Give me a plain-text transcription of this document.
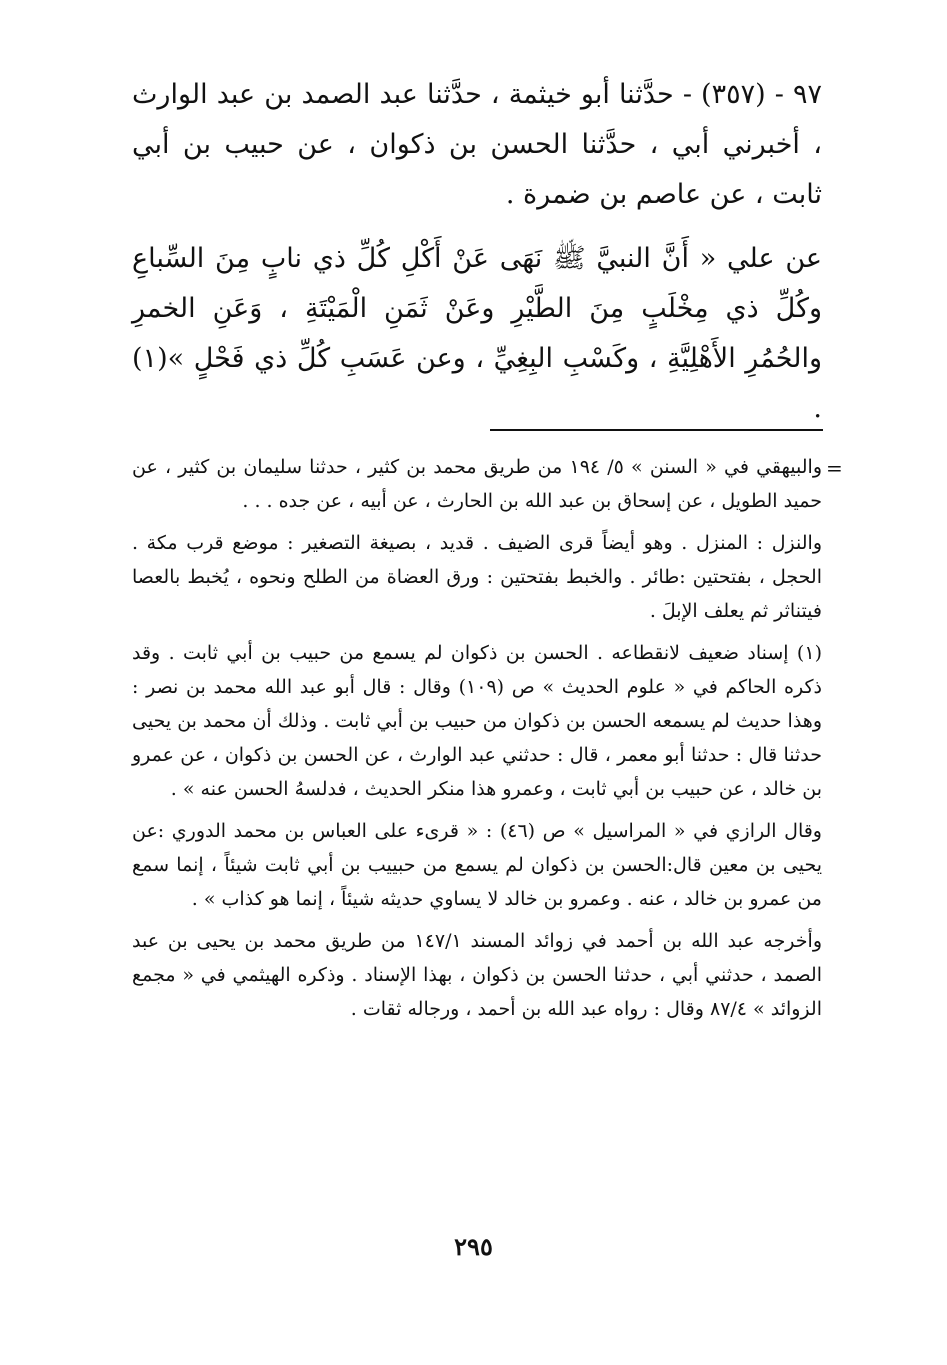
٩٧ - (٣٥٧) - حدَّثنا أبو خيثمة ، حدَّثنا عبد الصمد بن عبد الوارث ، أخبرني أبي ، حدَّثنا الحسن بن ذكوان ، عن حبيب بن أبي ثابت ، عن عاصم بن ضمرة .

عن علي « أَنَّ النبيَّ ﷺ نَهَى عَنْ أَكْلِ كُلِّ ذي نابٍ مِنَ السِّباعِ وكُلِّ ذي مِخْلَبٍ مِنَ الطَّيْرِ وعَنْ ثَمَنِ الْمَيْتَةِ ، وَعَنِ الخمرِ والحُمُرِ الأَهْلِيَّةِ ، وكَسْبِ البِغِيِّ ، وعن عَسَبِ كُلِّ ذي فَحْلٍ »(١) .

=

والبيهقي في « السنن » ٥/ ١٩٤ من طريق محمد بن كثير ، حدثنا سليمان بن كثير ، عن حميد الطويل ، عن إسحاق بن عبد الله بن الحارث ، عن أبيه ، عن جده . . .

والنزل : المنزل . وهو أيضاً قرى الضيف . قديد ، بصيغة التصغير : موضع قرب مكة . الحجل ، بفتحتين :طائر . والخبط بفتحتين : ورق العضاة من الطلح ونحوه ، يُخبط بالعصا فيتناثر ثم يعلف الإبلَ .

(١) إسناد ضعيف لانقطاعه . الحسن بن ذكوان لم يسمع من حبيب بن أبي ثابت . وقد ذكره الحاكم في « علوم الحديث » ص (١٠٩) وقال : قال أبو عبد الله محمد بن نصر : وهذا حديث لم يسمعه الحسن بن ذكوان من حبيب بن أبي ثابت . وذلك أن محمد بن يحيى حدثنا قال : حدثنا أبو معمر ، قال : حدثني عبد الوارث ، عن الحسن بن ذكوان ، عن عمرو بن خالد ، عن حبيب بن أبي ثابت ، وعمرو هذا منكر الحديث ، فدلسهُ الحسن عنه » .

وقال الرازي في « المراسيل » ص (٤٦) : « قرىء على العباس بن محمد الدوري :عن يحيى بن معين قال:الحسن بن ذكوان لم يسمع من حبييب بن أبي ثابت شيئاً ، إنما سمع من عمرو بن خالد ، عنه . وعمرو بن خالد لا يساوي حديثه شيئاً ، إنما هو كذاب » .

وأخرجه عبد الله بن أحمد في زوائد المسند ١٤٧/١ من طريق محمد بن يحيى بن عبد الصمد ، حدثني أبي ، حدثنا الحسن بن ذكوان ، بهذا الإسناد . وذكره الهيثمي في « مجمع الزوائد » ٨٧/٤ وقال : رواه عبد الله بن أحمد ، ورجاله ثقات .

٢٩٥
